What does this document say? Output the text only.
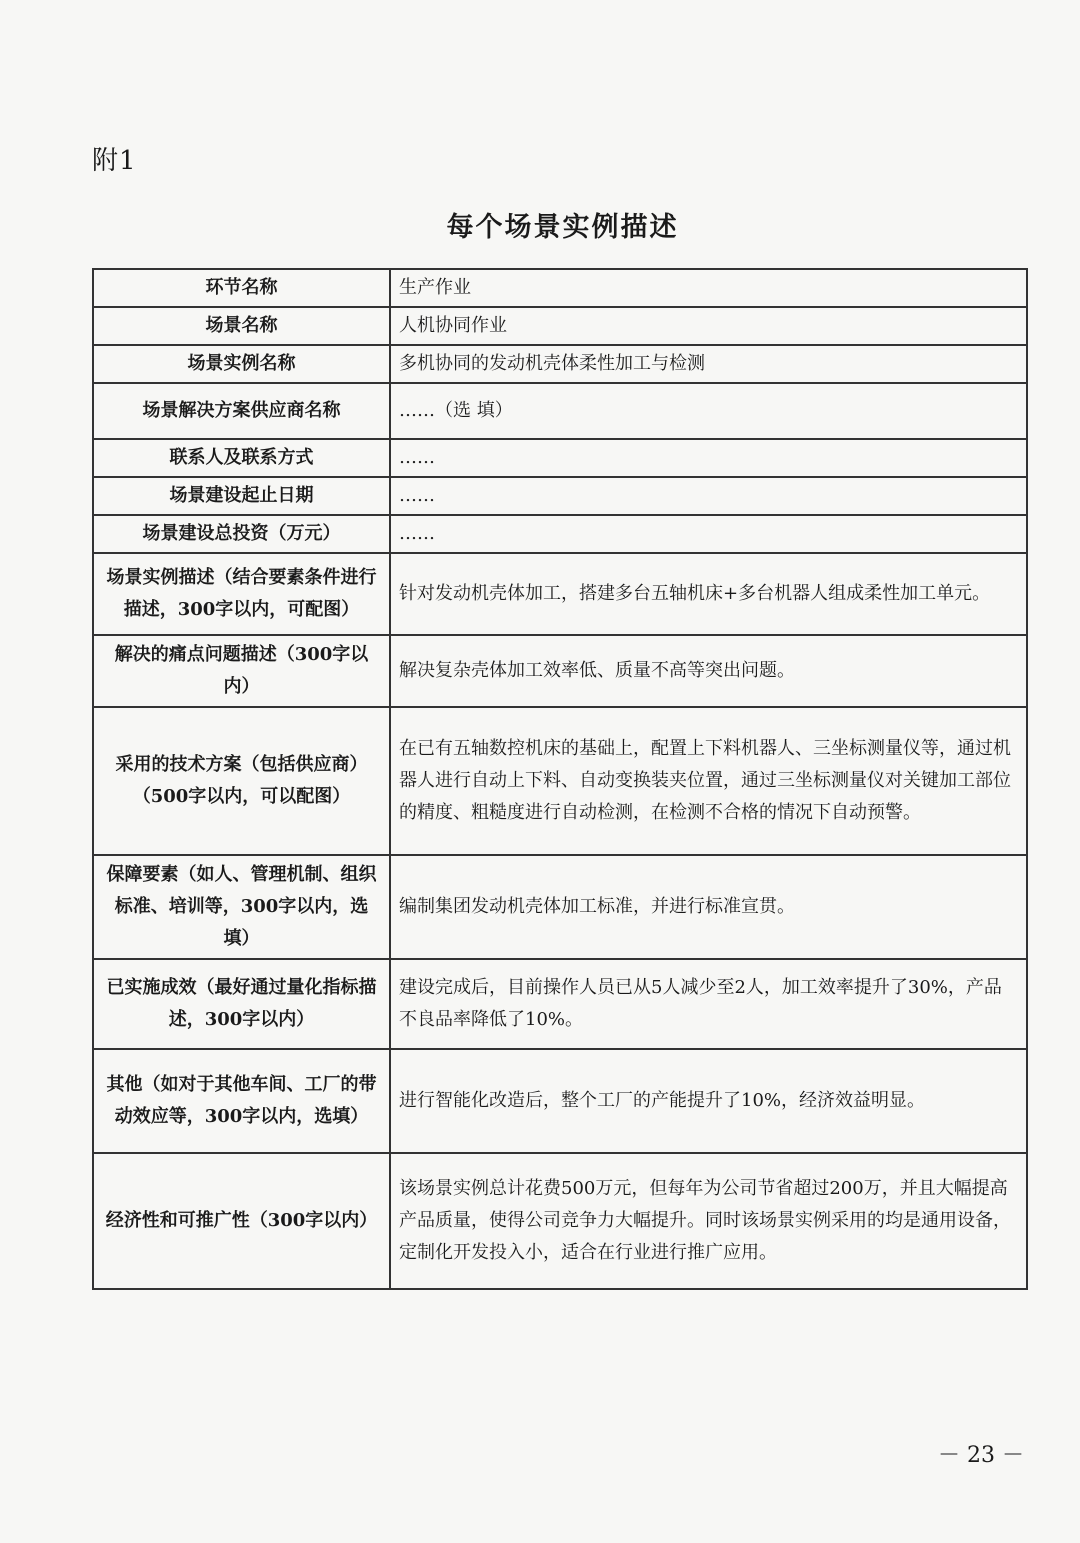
附1
每个场景实例描述
环节名称	生产作业
场景名称	人机协同作业
场景实例名称	多机协同的发动机壳体柔性加工与检测
场景解决方案供应商名称	……（选 填）
联系人及联系方式	……
场景建设起止日期	……
场景建设总投资（万元）	……
场景实例描述（结合要素条件进行描述，300字以内，可配图）	针对发动机壳体加工，搭建多台五轴机床+多台机器人组成柔性加工单元。
解决的痛点问题描述（300字以内）	解决复杂壳体加工效率低、质量不高等突出问题。
采用的技术方案（包括供应商）（500字以内，可以配图）	在已有五轴数控机床的基础上，配置上下料机器人、三坐标测量仪等，通过机器人进行自动上下料、自动变换装夹位置，通过三坐标测量仪对关键加工部位的精度、粗糙度进行自动检测，在检测不合格的情况下自动预警。
保障要素（如人、管理机制、组织标准、培训等，300字以内，选填）	编制集团发动机壳体加工标准，并进行标准宣贯。
已实施成效（最好通过量化指标描述，300字以内）	建设完成后，目前操作人员已从5人减少至2人，加工效率提升了30%，产品不良品率降低了10%。
其他（如对于其他车间、工厂的带动效应等，300字以内，选填）	进行智能化改造后，整个工厂的产能提升了10%，经济效益明显。
经济性和可推广性（300字以内）	该场景实例总计花费500万元，但每年为公司节省超过200万，并且大幅提高产品质量，使得公司竞争力大幅提升。同时该场景实例采用的均是通用设备，定制化开发投入小，适合在行业进行推广应用。
－ 23 －
